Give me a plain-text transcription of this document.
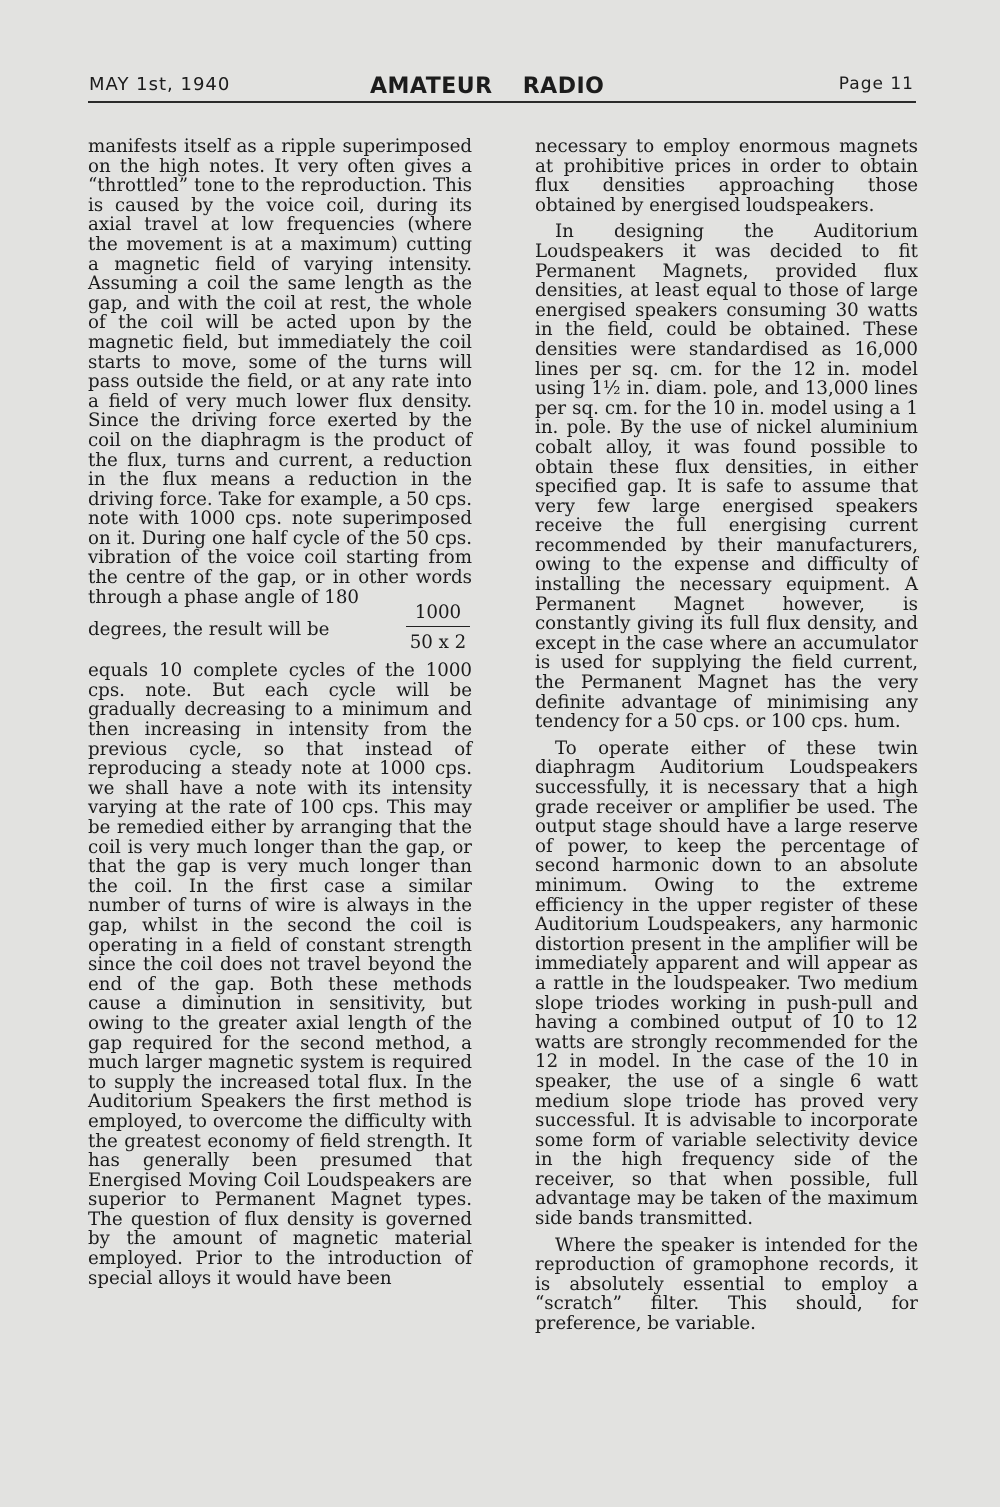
MAY 1st, 1940	AMATEUR RADIO	Page 11

manifests itself as a ripple superimposed on the high notes. It very often gives a “throttled” tone to the reproduction. This is caused by the voice coil, during its axial travel at low frequencies (where the movement is at a maximum) cutting a magnetic field of varying intensity. Assuming a coil the same length as the gap, and with the coil at rest, the whole of the coil will be acted upon by the magnetic field, but immediately the coil starts to move, some of the turns will pass outside the field, or at any rate into a field of very much lower flux density. Since the driving force exerted by the coil on the diaphragm is the product of the flux, turns and current, a reduction in the flux means a reduction in the driving force. Take for example, a 50 cps. note with 1000 cps. note superimposed on it. During one half cycle of the 50 cps. vibration of the voice coil starting from the centre of the gap, or in other words through a phase angle of 180

degrees, the result will be
1000
50 x 2

equals 10 complete cycles of the 1000 cps. note. But each cycle will be gradually decreasing to a minimum and then increasing in intensity from the previous cycle, so that instead of reproducing a steady note at 1000 cps. we shall have a note with its intensity varying at the rate of 100 cps. This may be remedied either by arranging that the coil is very much longer than the gap, or that the gap is very much longer than the coil. In the first case a similar number of turns of wire is always in the gap, whilst in the second the coil is operating in a field of constant strength since the coil does not travel beyond the end of the gap. Both these methods cause a diminution in sensitivity, but owing to the greater axial length of the gap required for the second method, a much larger magnetic system is required to supply the increased total flux. In the Auditorium Speakers the first method is employed, to overcome the difficulty with the greatest economy of field strength. It has generally been presumed that Energised Moving Coil Loudspeakers are superior to Permanent Magnet types. The question of flux density is governed by the amount of magnetic material employed. Prior to the introduction of special alloys it would have been

necessary to employ enormous magnets at prohibitive prices in order to obtain flux densities approaching those obtained by energised loudspeakers.

In designing the Auditorium Loudspeakers it was decided to fit Permanent Magnets, provided flux densities, at least equal to those of large energised speakers consuming 30 watts in the field, could be obtained. These densities were standardised as 16,000 lines per sq. cm. for the 12 in. model using 1½ in. diam. pole, and 13,000 lines per sq. cm. for the 10 in. model using a 1 in. pole. By the use of nickel aluminium cobalt alloy, it was found possible to obtain these flux densities, in either specified gap. It is safe to assume that very few large energised speakers receive the full energising current recommended by their manufacturers, owing to the expense and difficulty of installing the necessary equipment. A Permanent Magnet however, is constantly giving its full flux density, and except in the case where an accumulator is used for supplying the field current, the Permanent Magnet has the very definite advantage of minimising any tendency for a 50 cps. or 100 cps. hum.

To operate either of these twin diaphragm Auditorium Loudspeakers successfully, it is necessary that a high grade receiver or amplifier be used. The output stage should have a large reserve of power, to keep the percentage of second harmonic down to an absolute minimum. Owing to the extreme efficiency in the upper register of these Auditorium Loudspeakers, any harmonic distortion present in the amplifier will be immediately apparent and will appear as a rattle in the loudspeaker. Two medium slope triodes working in push-pull and having a combined output of 10 to 12 watts are strongly recommended for the 12 in model. In the case of the 10 in speaker, the use of a single 6 watt medium slope triode has proved very successful. It is advisable to incorporate some form of variable selectivity device in the high frequency side of the receiver, so that when possible, full advantage may be taken of the maximum side bands transmitted.

Where the speaker is intended for the reproduction of gramophone records, it is absolutely essential to employ a “scratch” filter. This should, for preference, be variable.
